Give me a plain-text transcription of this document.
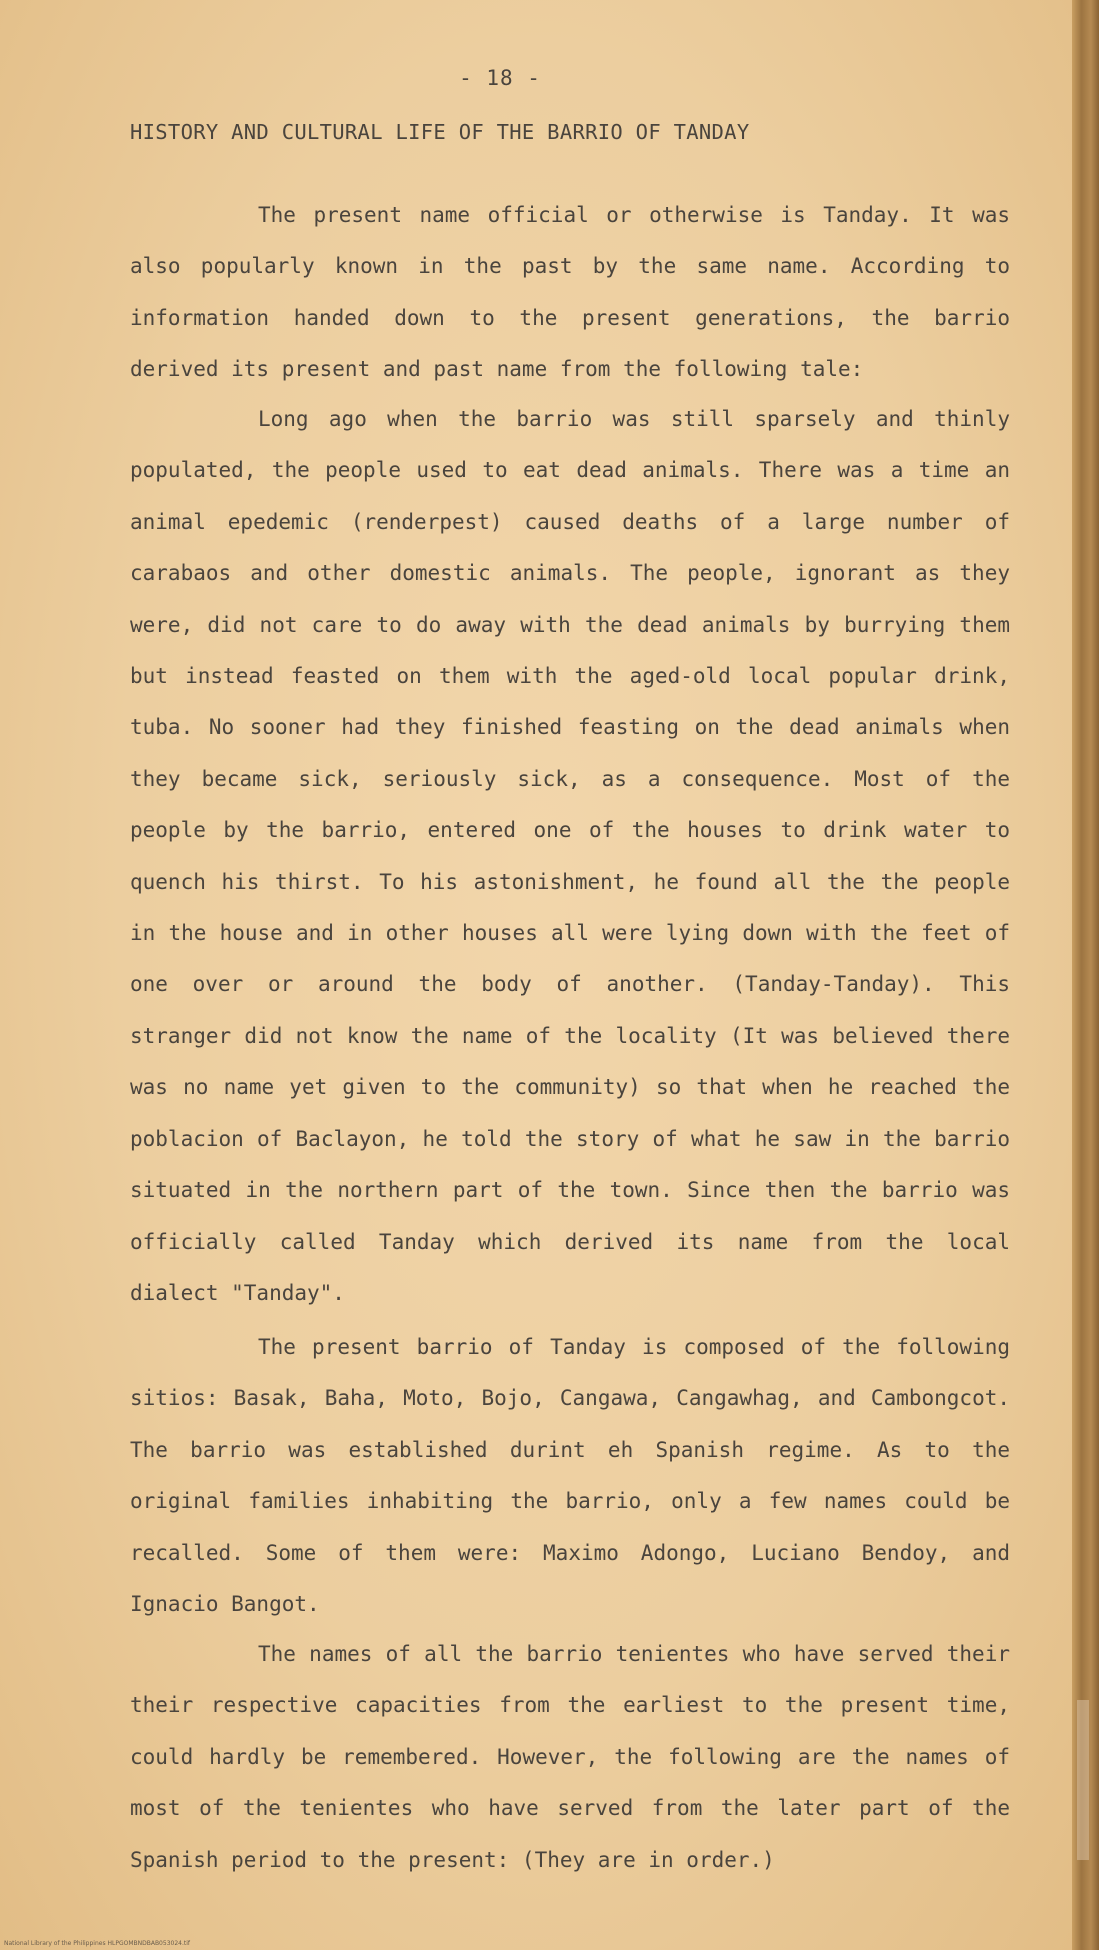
- 18 -
HISTORY AND CULTURAL LIFE OF THE BARRIO OF TANDAY

The present name official or otherwise is Tanday. It was also popularly known in the past by the same name. According to information handed down to the present generations, the barrio derived its present and past name from the following tale:

Long ago when the barrio was still sparsely and thinly populated, the people used to eat dead animals. There was a time an animal epedemic (renderpest) caused deaths of a large number of carabaos and other domestic animals. The people, ignorant as they were, did not care to do away with the dead animals by burrying them but instead feasted on them with the aged-old local popular drink, tuba. No sooner had they finished feasting on the dead animals when they became sick, seriously sick, as a consequence. Most of the people by the barrio, entered one of the houses to drink water to quench his thirst. To his astonishment, he found all the the people in the house and in other houses all were lying down with the feet of one over or around the body of another. (Tanday-Tanday). This stranger did not know the name of the locality (It was believed there was no name yet given to the community) so that when he reached the poblacion of Baclayon, he told the story of what he saw in the barrio situated in the northern part of the town. Since then the barrio was officially called Tanday which derived its name from the local dialect "Tanday".

The present barrio of Tanday is composed of the following sitios: Basak, Baha, Moto, Bojo, Cangawa, Cangawhag, and Cambongcot. The barrio was established durint eh Spanish regime. As to the original families inhabiting the barrio, only a few names could be recalled. Some of them were: Maximo Adongo, Luciano Bendoy, and Ignacio Bangot.

The names of all the barrio tenientes who have served their their respective capacities from the earliest to the present time, could hardly be remembered. However, the following are the names of most of the tenientes who have served from the later part of the Spanish period to the present: (They are in order.)

National Library of the Philippines HLPGOMBNDBAB053024.tif
